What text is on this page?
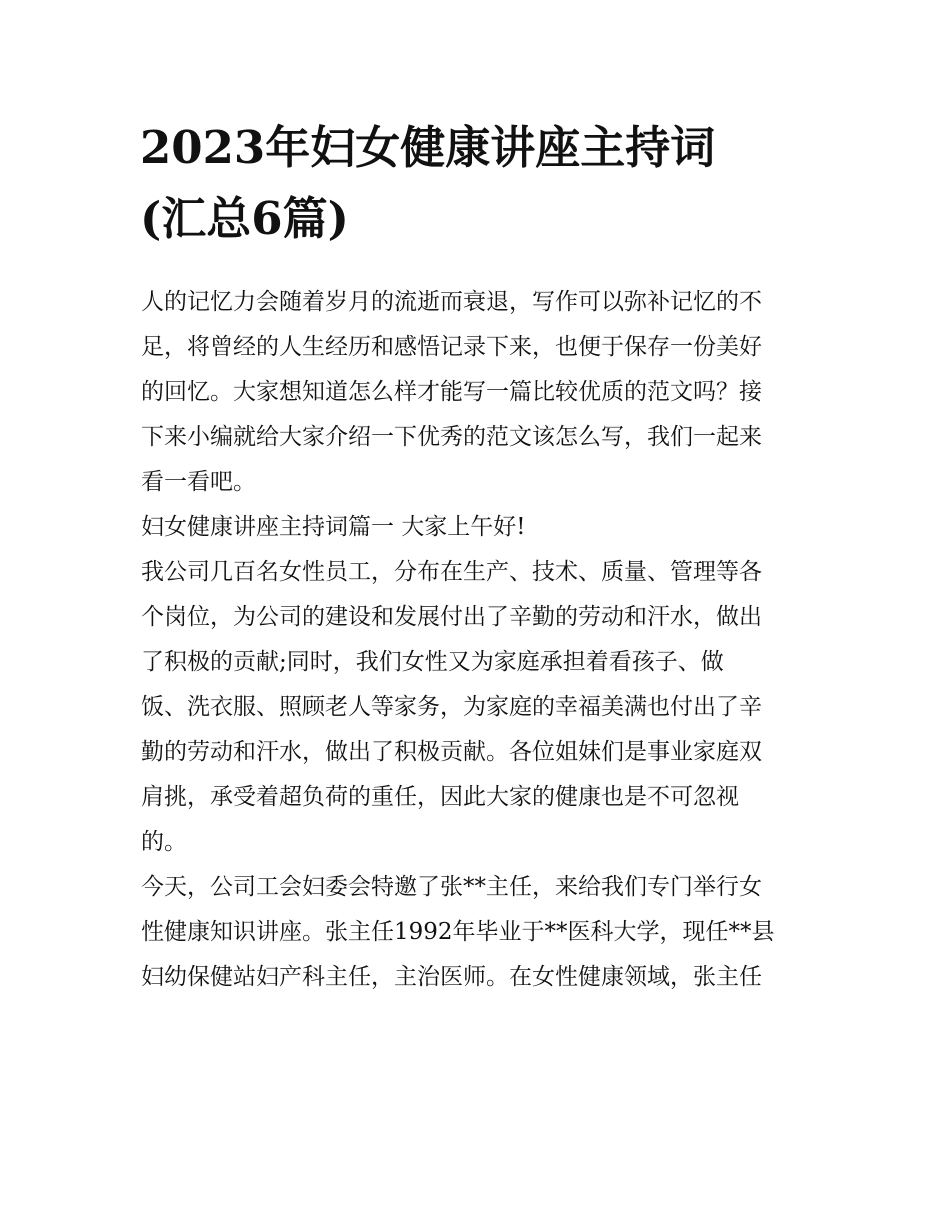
2023年妇女健康讲座主持词
(汇总6篇)
人的记忆力会随着岁月的流逝而衰退，写作可以弥补记忆的不
足，将曾经的人生经历和感悟记录下来，也便于保存一份美好
的回忆。大家想知道怎么样才能写一篇比较优质的范文吗？接
下来小编就给大家介绍一下优秀的范文该怎么写，我们一起来
看一看吧。
妇女健康讲座主持词篇一 大家上午好!
我公司几百名女性员工，分布在生产、技术、质量、管理等各
个岗位，为公司的建设和发展付出了辛勤的劳动和汗水，做出
了积极的贡献;同时，我们女性又为家庭承担着看孩子、做
饭、洗衣服、照顾老人等家务，为家庭的幸福美满也付出了辛
勤的劳动和汗水，做出了积极贡献。各位姐妹们是事业家庭双
肩挑，承受着超负荷的重任，因此大家的健康也是不可忽视
的。
今天，公司工会妇委会特邀了张**主任，来给我们专门举行女
性健康知识讲座。张主任1992年毕业于**医科大学，现任**县
妇幼保健站妇产科主任，主治医师。在女性健康领域，张主任
